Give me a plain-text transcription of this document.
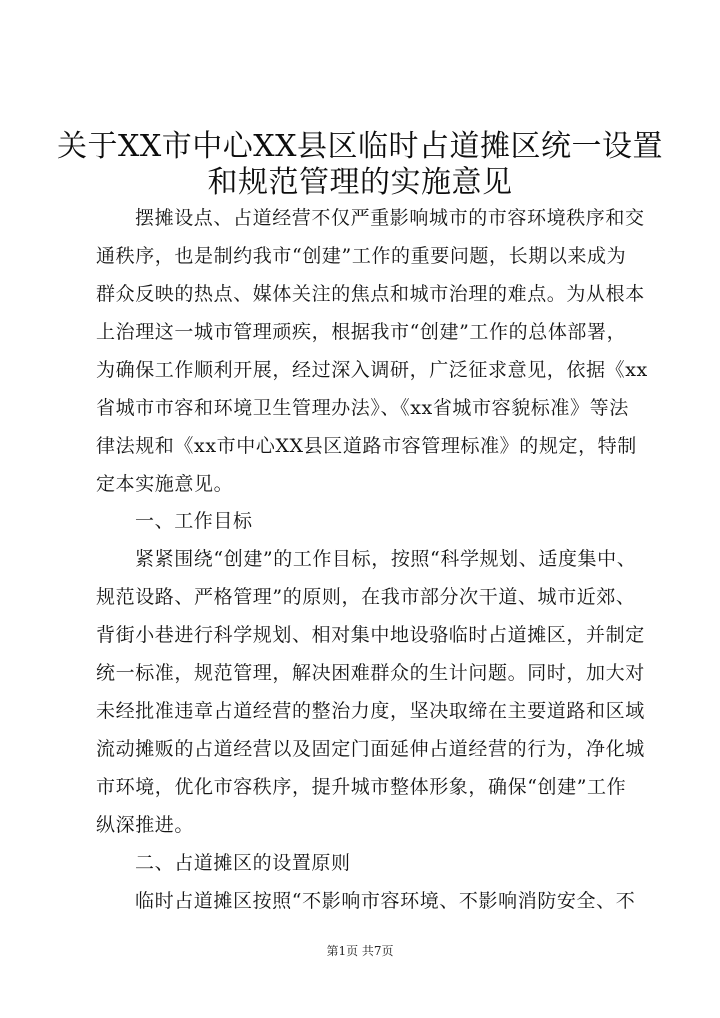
关于XX市中心XX县区临时占道摊区统一设置
和规范管理的实施意见
摆摊设点、占道经营不仅严重影响城市的市容环境秩序和交
通秩序，也是制约我市“创建”工作的重要问题，长期以来成为
群众反映的热点、媒体关注的焦点和城市治理的难点。为从根本
上治理这一城市管理顽疾，根据我市“创建”工作的总体部署，
为确保工作顺利开展，经过深入调研，广泛征求意见，依据《xx
省城市市容和环境卫生管理办法》、《xx省城市容貌标准》等法
律法规和《xx市中心XX县区道路市容管理标准》的规定，特制
定本实施意见。
一、工作目标
紧紧围绕“创建”的工作目标，按照“科学规划、适度集中、
规范设路、严格管理”的原则，在我市部分次干道、城市近郊、
背街小巷进行科学规划、相对集中地设骆临时占道摊区，并制定
统一标准，规范管理，解决困难群众的生计问题。同时，加大对
未经批准违章占道经营的整治力度，坚决取缔在主要道路和区域
流动摊贩的占道经营以及固定门面延伸占道经营的行为，净化城
市环境，优化市容秩序，提升城市整体形象，确保“创建”工作
纵深推进。
二、占道摊区的设置原则
临时占道摊区按照“不影响市容环境、不影响消防安全、不
第1页 共7页
